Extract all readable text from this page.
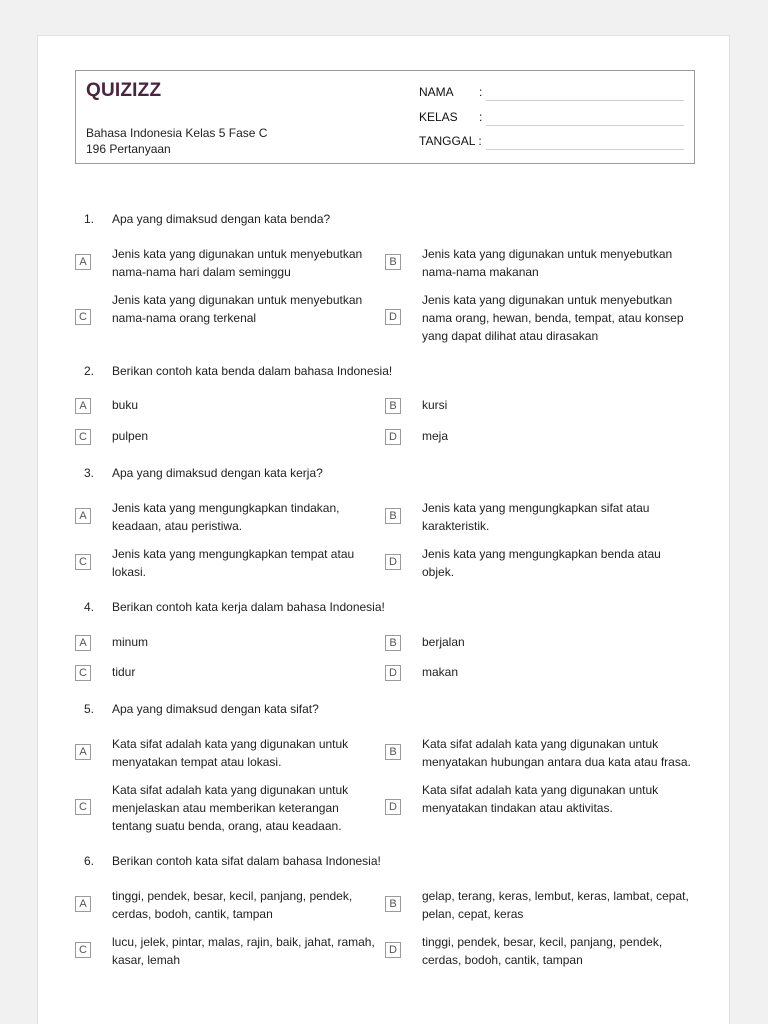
QUIZIZZ
Bahasa Indonesia Kelas 5 Fase C
196 Pertanyaan
NAMA :
KELAS :
TANGGAL :
1. Apa yang dimaksud dengan kata benda?
A
Jenis kata yang digunakan untuk menyebutkan
nama-nama hari dalam seminggu
B
Jenis kata yang digunakan untuk menyebutkan
nama-nama makanan
C
Jenis kata yang digunakan untuk menyebutkan
nama-nama orang terkenal	D
Jenis kata yang digunakan untuk menyebutkan
nama orang, hewan, benda, tempat, atau konsep
yang dapat dilihat atau dirasakan
2. Berikan contoh kata benda dalam bahasa Indonesia!
A	buku	B	kursi
C	pulpen	D	meja
3. Apa yang dimaksud dengan kata kerja?
A
Jenis kata yang mengungkapkan tindakan,
keadaan, atau peristiwa.
B
Jenis kata yang mengungkapkan sifat atau
karakteristik.
C
Jenis kata yang mengungkapkan tempat atau
lokasi.
D
Jenis kata yang mengungkapkan benda atau
objek.
4. Berikan contoh kata kerja dalam bahasa Indonesia!
A	minum	B	berjalan
C	tidur	D	makan
5. Apa yang dimaksud dengan kata sifat?
A
Kata sifat adalah kata yang digunakan untuk
menyatakan tempat atau lokasi.
B
Kata sifat adalah kata yang digunakan untuk
menyatakan hubungan antara dua kata atau frasa.
C
Kata sifat adalah kata yang digunakan untuk
menjelaskan atau memberikan keterangan
tentang suatu benda, orang, atau keadaan.
D
Kata sifat adalah kata yang digunakan untuk
menyatakan tindakan atau aktivitas.
6. Berikan contoh kata sifat dalam bahasa Indonesia!
A
tinggi, pendek, besar, kecil, panjang, pendek,
cerdas, bodoh, cantik, tampan
B
gelap, terang, keras, lembut, keras, lambat, cepat,
pelan, cepat, keras
C
lucu, jelek, pintar, malas, rajin, baik, jahat, ramah,
kasar, lemah
D
tinggi, pendek, besar, kecil, panjang, pendek,
cerdas, bodoh, cantik, tampan
